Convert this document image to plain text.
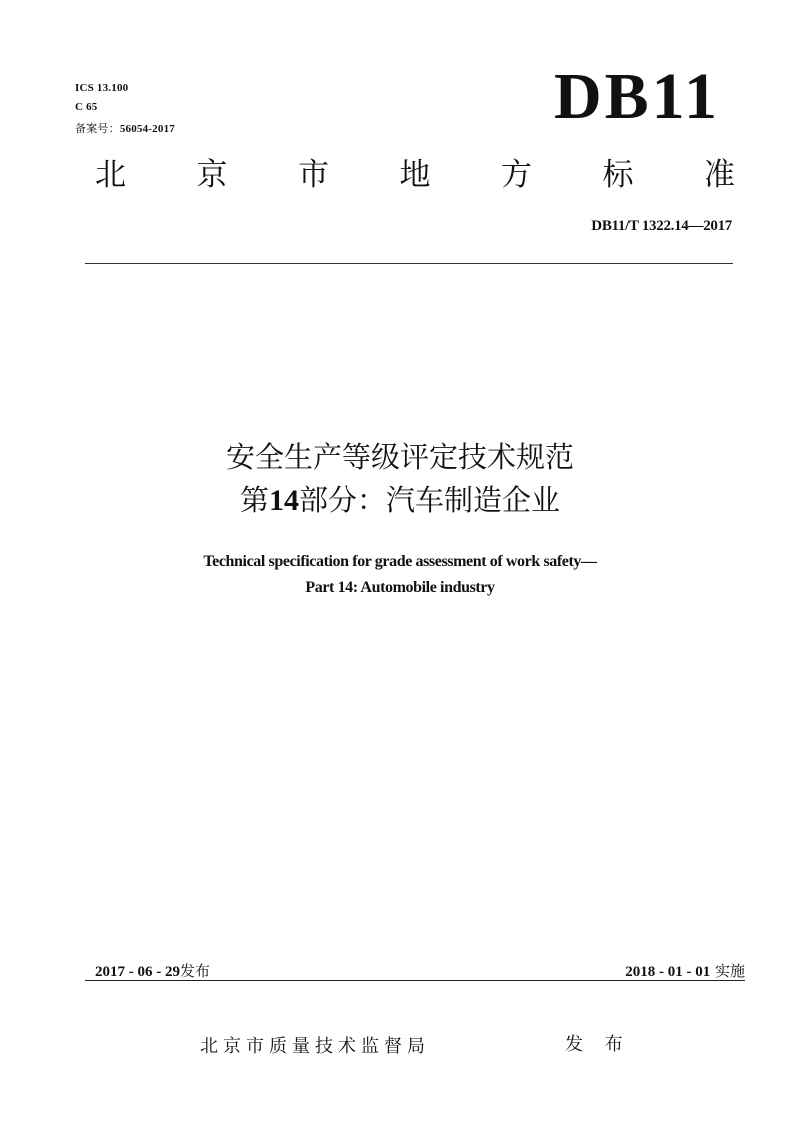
ICS 13.100
C 65
备案号：56054-2017	DB11
北 京 市 地 方 标 准
DB11/T 1322.14—2017
安全生产等级评定技术规范
第14部分：汽车制造企业
Technical specification for grade assessment of work safety—
Part 14: Automobile industry
2017 - 06 - 29发布	2018 - 01 - 01 实施
北京市质量技术监督局	发 布
